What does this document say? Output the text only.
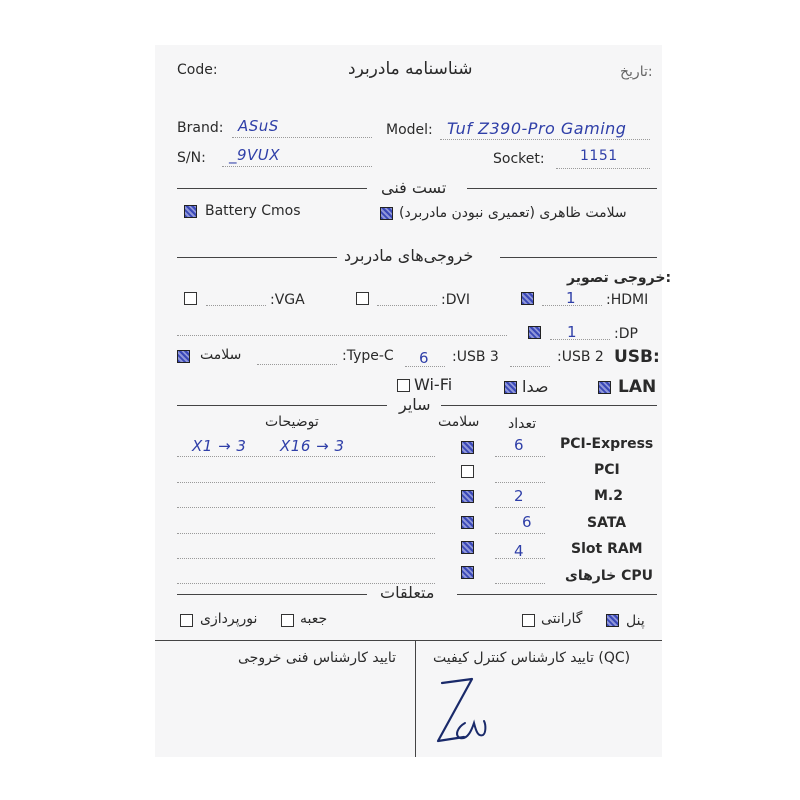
Code:	شناسنامه مادربرد	تاریخ:
Brand: ASuS	Model: Tuf Z390-Pro Gaming
S/N: _9VUX	Socket:	1151
تست فنی
Battery Cmos	سلامت ظاهری (تعمیری نبودن مادربرد)
خروجی‌های مادربرد
خروجی تصویر:
:VGA	:DVI	1 :HDMI
1	:DP
سلامت	:Type-C 6 :USB 3	:USB 2 USB:
Wi-Fi	صدا	LAN
سایر
توضیحات	سلامت تعداد
X1 → 3 X16 → 3	6	PCI-Express
PCI
2	M.2
6	SATA
4	Slot RAM
خارهای CPU
متعلقات
نورپردازی	جعبه	گارانتی	پنل
تایید کارشناس فنی خروجی	تایید کارشناس کنترل کیفیت (QC)
